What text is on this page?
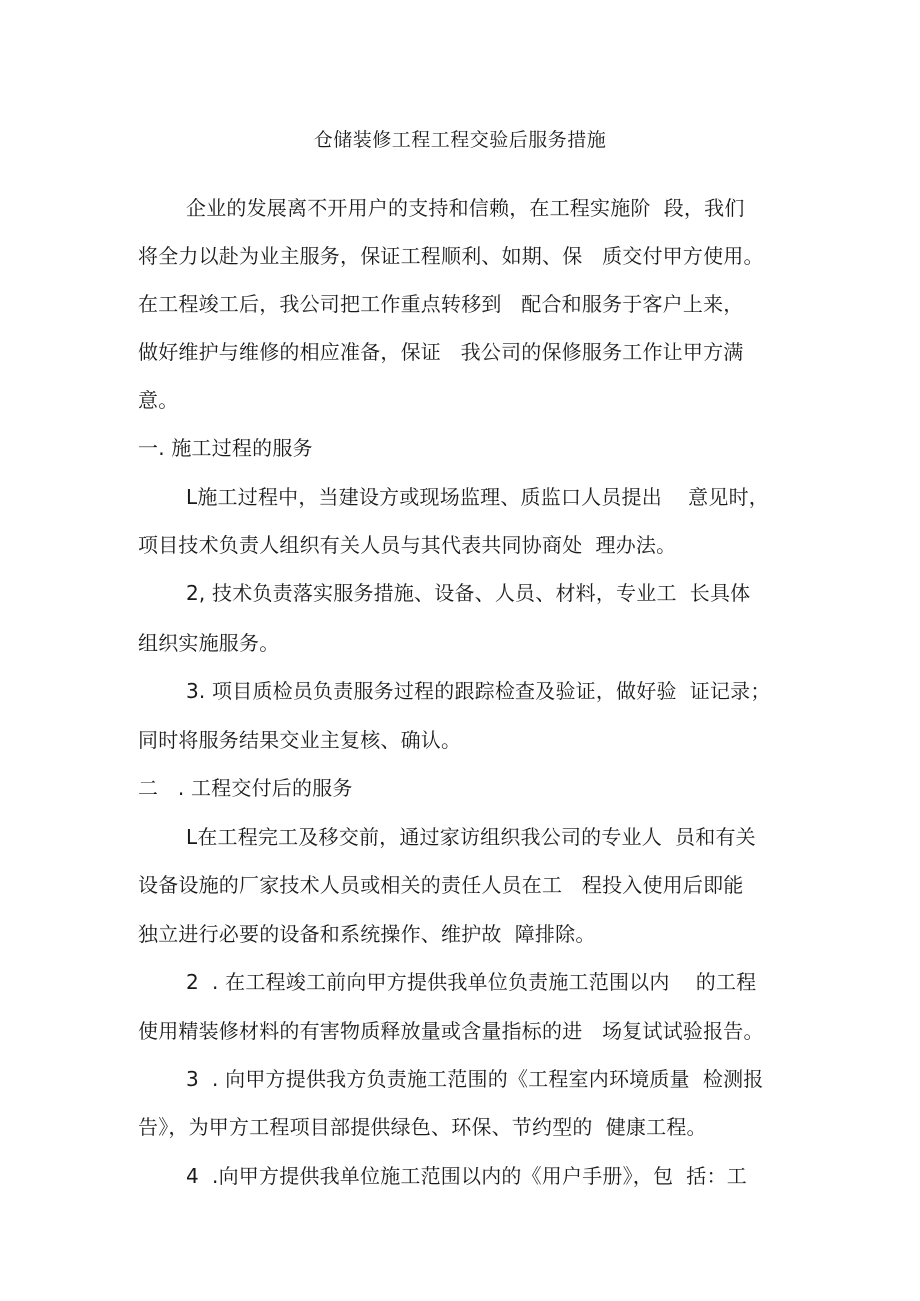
仓储装修工程工程交验后服务措施
企业的发展离不开用户的支持和信赖，在工程实施阶  段，我们
将全力以赴为业主服务，保证工程顺利、如期、保   质交付甲方使用。
在工程竣工后，我公司把工作重点转移到   配合和服务于客户上来，
做好维护与维修的相应准备，保证   我公司的保修服务工作让甲方满
意。
一. 施工过程的服务
L施工过程中，当建设方或现场监理、质监口人员提出    意见时，
项目技术负责人组织有关人员与其代表共同协商处  理办法。
2, 技术负责落实服务措施、设备、人员、材料，专业工  长具体
组织实施服务。
3. 项目质检员负责服务过程的跟踪检查及验证，做好验  证记录；
同时将服务结果交业主复核、确认。
二   . 工程交付后的服务
L在工程完工及移交前，通过家访组织我公司的专业人  员和有关
设备设施的厂家技术人员或相关的责任人员在工   程投入使用后即能
独立进行必要的设备和系统操作、维护故  障排除。
2  . 在工程竣工前向甲方提供我单位负责施工范围以内    的工程
使用精装修材料的有害物质释放量或含量指标的进   场复试试验报告。
3  . 向甲方提供我方负责施工范围的《工程室内环境质量  检测报
告》，为甲方工程项目部提供绿色、环保、节约型的  健康工程。
4  .向甲方提供我单位施工范围以内的《用户手册》，包  括：工
